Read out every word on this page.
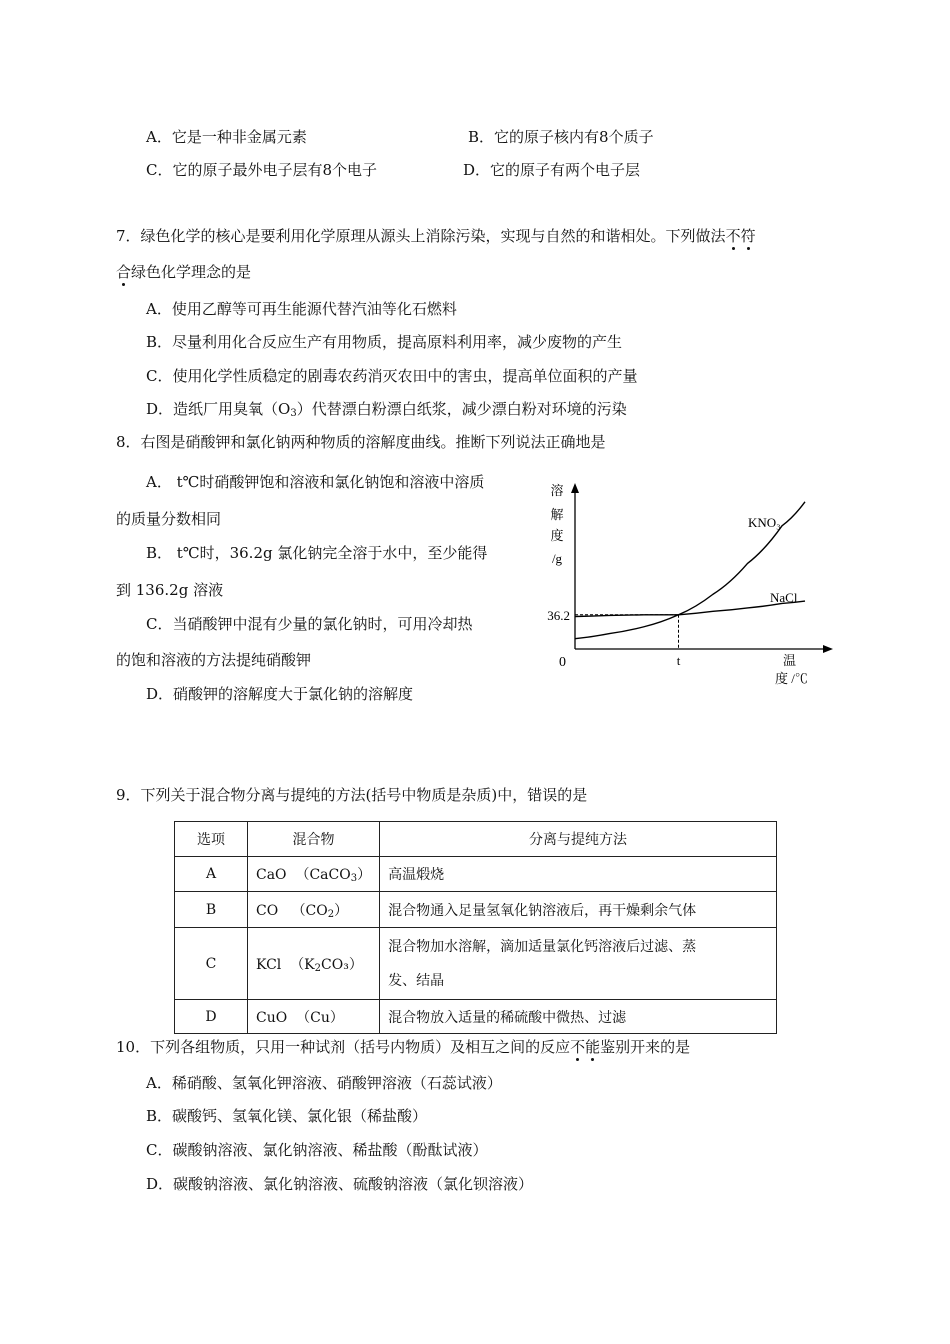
A．它是一种非金属元素	B．它的原子核内有8个质子
C．它的原子最外电子层有8个电子	D．它的原子有两个电子层
7．绿色化学的核心是要利用化学原理从源头上消除污染，实现与自然的和谐相处。下列做法不符
合绿色化学理念的是
A．使用乙醇等可再生能源代替汽油等化石燃料
B．尽量利用化合反应生产有用物质，提高原料利用率，减少废物的产生
C．使用化学性质稳定的剧毒农药消灭农田中的害虫，提高单位面积的产量
D．造纸厂用臭氧$(O_3)$代替漂白粉漂白纸浆，减少漂白粉对环境的污染
8．右图是硝酸钾和氯化钠两种物质的溶解度曲线。推断下列说法正确地是
A． t℃时硝酸钾饱和溶液和氯化钠饱和溶液中溶质
的质量分数相同
B． t℃时，36.2g 氯化钠完全溶于水中，至少能得
到 136.2g 溶液
C．当硝酸钾中混有少量的氯化钠时，可用冷却热
的饱和溶液的方法提纯硝酸钾
D．硝酸钾的溶解度大于氯化钠的溶解度
0
溶
解
度
/g
温
度 /℃
36.2
t
KNO₃
NaCl
9．下列关于混合物分离与提纯的方法(括号中物质是杂质)中，错误的是
选项	混合物	分离与提纯方法
A	CaO （CaCO$_3$）	高温煅烧
B	CO $(CO_2)$	混合物通入足量氢氧化钠溶液后，再干燥剩余气体
C	KCl $(K_2CO_3)$	混合物加水溶解，滴加适量氯化钙溶液后过滤、蒸
发、结晶
D	CuO （Cu）	混合物放入适量的稀硫酸中微热、过滤
10．下列各组物质，只用一种试剂（括号内物质）及相互之间的反应不能鉴别开来的是
A．稀硝酸、氢氧化钾溶液、硝酸钾溶液（石蕊试液）
B．碳酸钙、氢氧化镁、氯化银（稀盐酸）
C．碳酸钠溶液、氯化钠溶液、稀盐酸（酚酞试液）
D．碳酸钠溶液、氯化钠溶液、硫酸钠溶液（氯化钡溶液）
